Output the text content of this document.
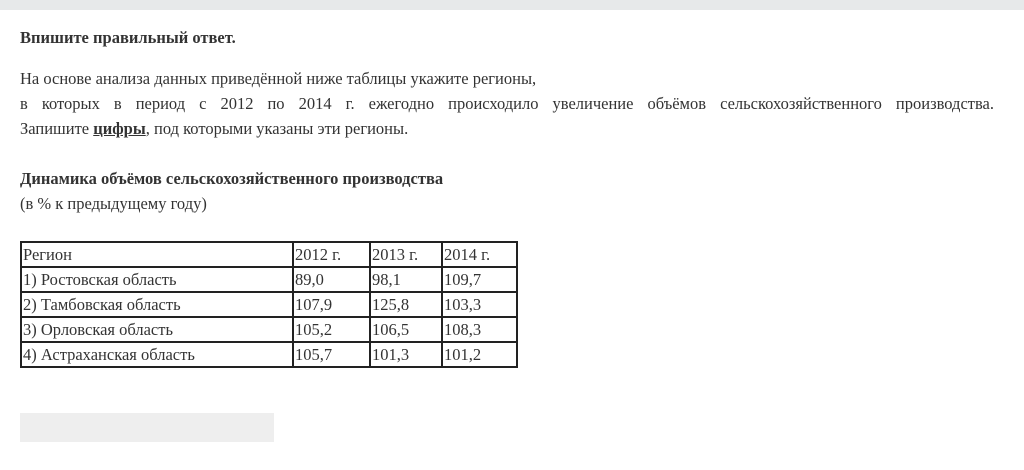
Впишите правильный ответ.

На основе анализа данных приведённой ниже таблицы укажите регионы,
в которых в период с 2012 по 2014 г. ежегодно происходило увеличение объёмов сельскохозяйственного производства.
Запишите цифры, под которыми указаны эти регионы.
Динамика объёмов сельскохозяйственного производства
(в % к предыдущему году)
Регион	2012 г.	2013 г.	2014 г.
1) Ростовская область	89,0	98,1	109,7
2) Тамбовская область	107,9	125,8	103,3
3) Орловская область	105,2	106,5	108,3
4) Астраханская область	105,7	101,3	101,2
